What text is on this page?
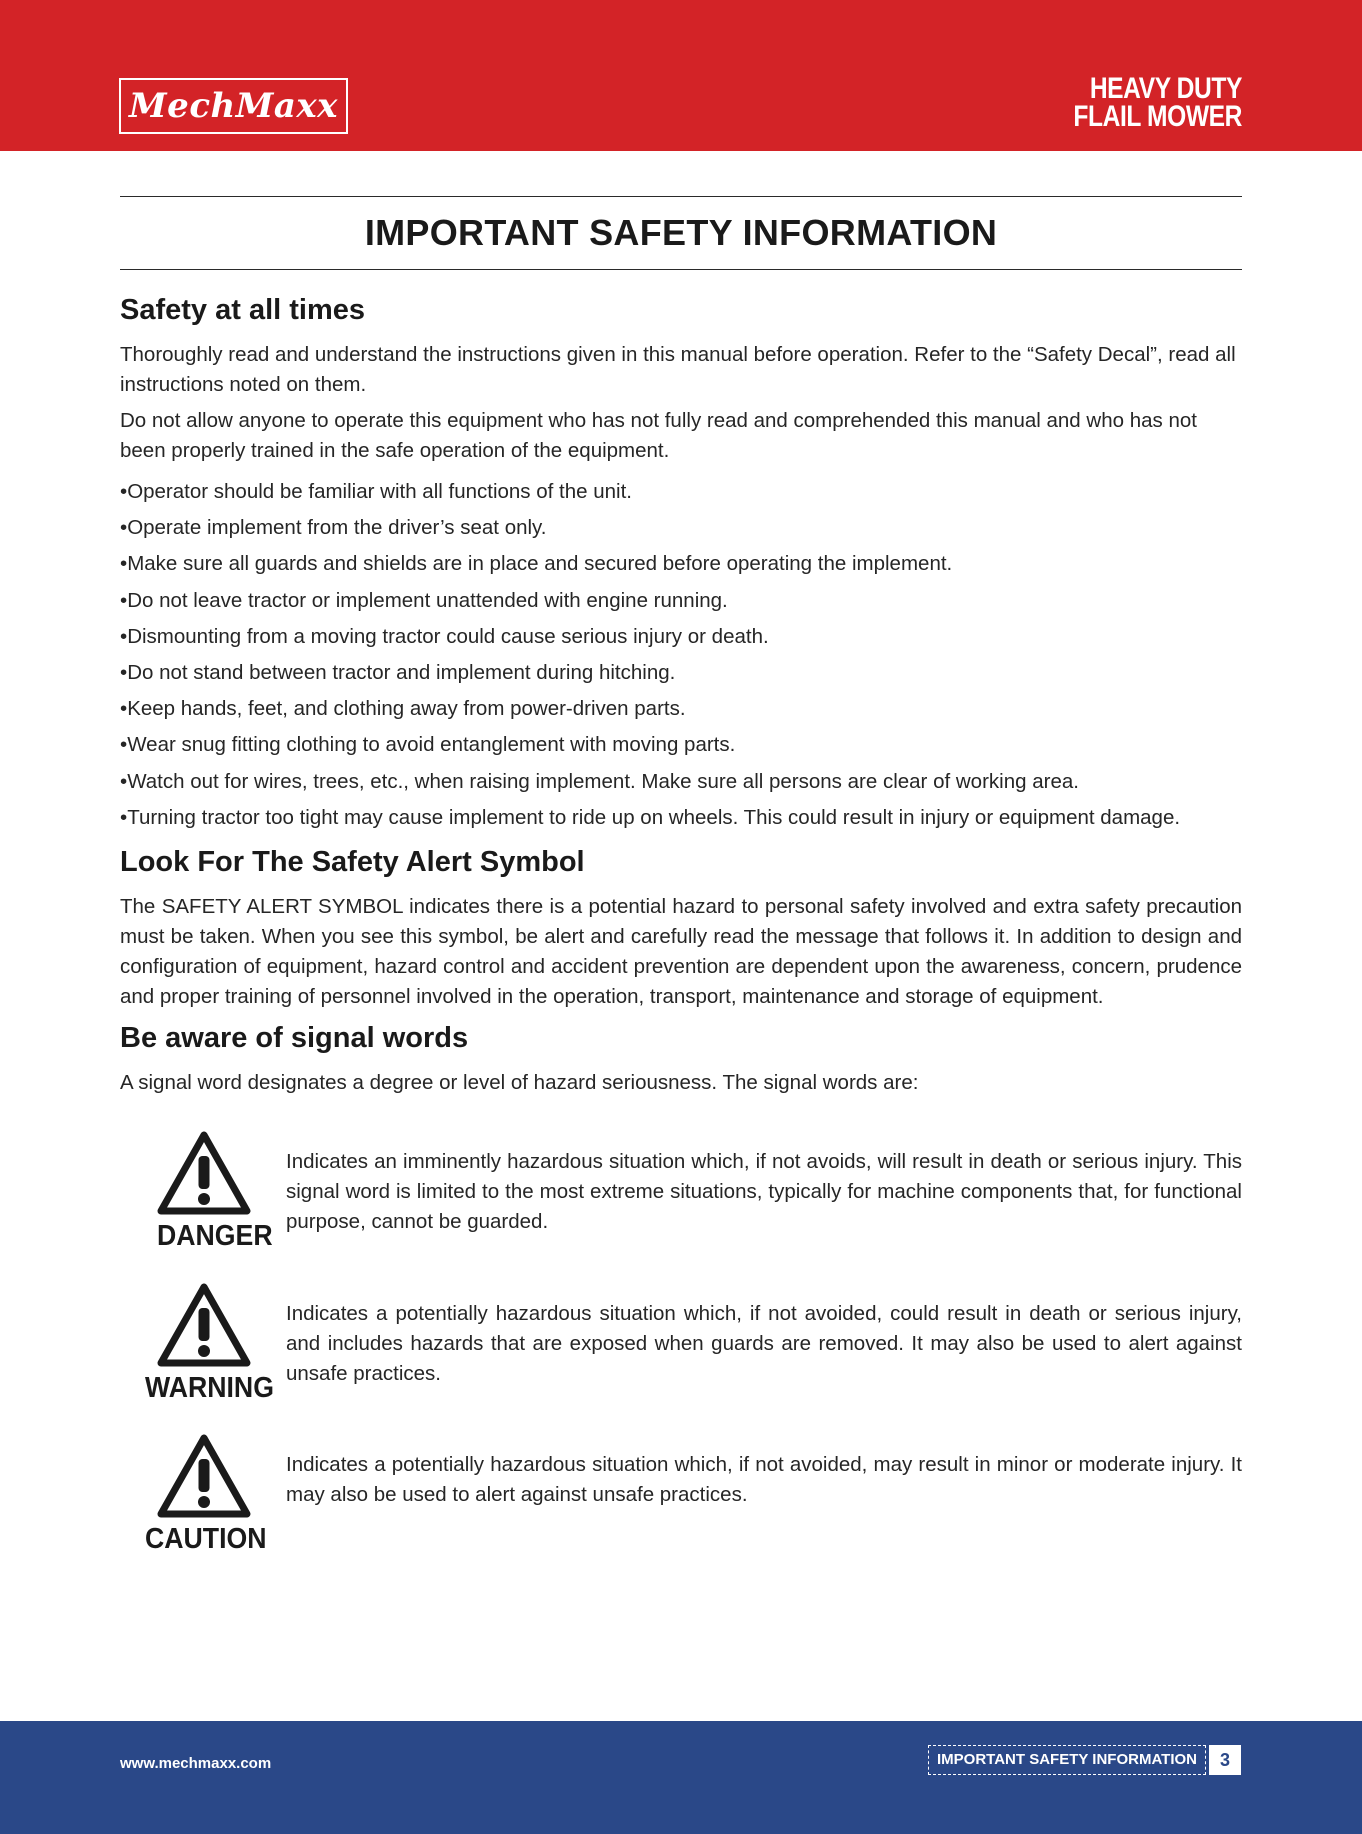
MechMaxx	HEAVY DUTY
FLAIL MOWER
IMPORTANT SAFETY INFORMATION
Safety at all times

Thoroughly read and understand the instructions given in this manual before operation. Refer to the “Safety Decal”, read all instructions noted on them.

Do not allow anyone to operate this equipment who has not fully read and comprehended this manual and who has not been properly trained in the safe operation of the equipment.

• Operator should be familiar with all functions of the unit.
• Operate implement from the driver’s seat only.
• Make sure all guards and shields are in place and secured before operating the implement.
• Do not leave tractor or implement unattended with engine running.
• Dismounting from a moving tractor could cause serious injury or death.
• Do not stand between tractor and implement during hitching.
• Keep hands, feet, and clothing away from power-driven parts.
• Wear snug fitting clothing to avoid entanglement with moving parts.
• Watch out for wires, trees, etc., when raising implement. Make sure all persons are clear of working area.
• Turning tractor too tight may cause implement to ride up on wheels. This could result in injury or equipment damage.
Look For The Safety Alert Symbol

The SAFETY ALERT SYMBOL indicates there is a potential hazard to personal safety involved and extra safety precaution must be taken. When you see this symbol, be alert and carefully read the message that follows it. In addition to design and configuration of equipment, hazard control and accident prevention are dependent upon the awareness, concern, prudence and proper training of personnel involved in the operation, transport, maintenance and storage of equipment.

Be aware of signal words

A signal word designates a degree or level of hazard seriousness. The signal words are:

DANGER

Indicates an imminently hazardous situation which, if not avoids, will result in death or serious injury. This signal word is limited to the most extreme situations, typically for machine components that, for functional purpose, cannot be guarded.

WARNING

Indicates a potentially hazardous situation which, if not avoided, could result in death or serious injury, and includes hazards that are exposed when guards are removed. It may also be used to alert against unsafe practices.

CAUTION

Indicates a potentially hazardous situation which, if not avoided, may result in minor or moderate injury. It may also be used to alert against unsafe practices.

www.mechmaxx.com	IMPORTANT SAFETY INFORMATION	3
